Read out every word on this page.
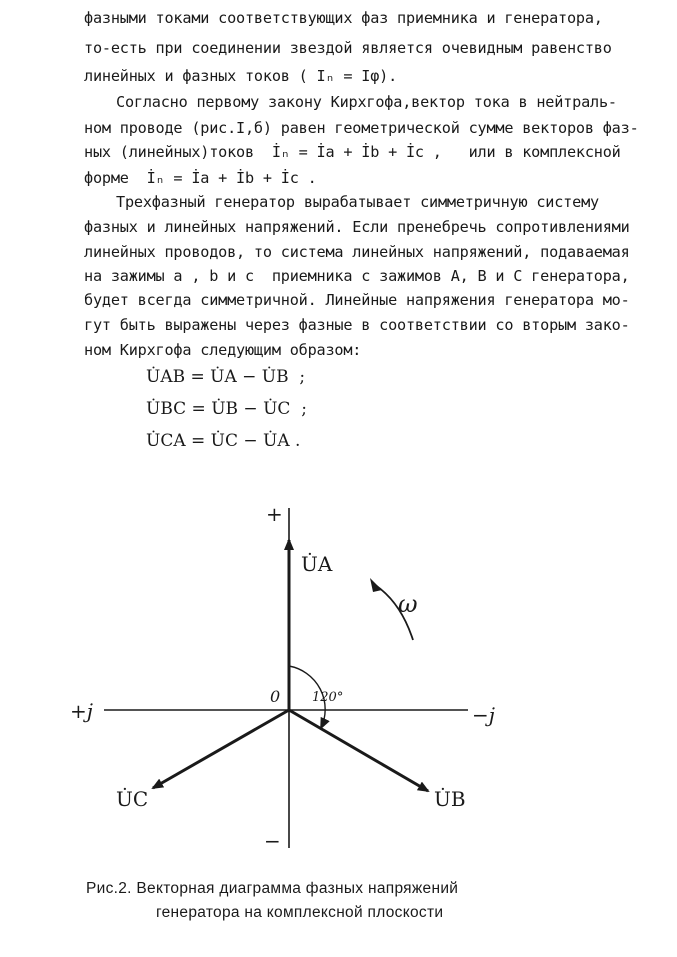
фазными токами соответствующих фаз приемника и генератора,
то-есть при соединении звездой является очевидным равенство
линейных и фазных токов ( Iₙ = Iφ).
Согласно первому закону Кирхгофа,вектор тока в нейтраль-
ном проводе (рис.I,б) равен геометрической сумме векторов фаз-
ных (линейных)токов  İₙ = İa + İb + İc ,   или в комплексной
форме  İₙ = İa + İb + İc .
Трехфазный генератор вырабатывает симметричную систему
фазных и линейных напряжений. Если пренебречь сопротивлениями
линейных проводов, то система линейных напряжений, подаваемая
на зажимы a , b и c  приемника с зажимов A, B и C генератора,
будет всегда симметричной. Линейные напряжения генератора мо-
гут быть выражены через фазные в соответствии со вторым зако-
ном Кирхгофа следующим образом:
U̇AB = U̇A − U̇B  ;
U̇BC = U̇B − U̇C  ;
U̇CA = U̇C − U̇A .
+
−
+j	−j
0 120°
ω
U̇A
U̇B
U̇C
Рис.2. Векторная диаграмма фазных напряжений
генератора на комплексной плоскости
